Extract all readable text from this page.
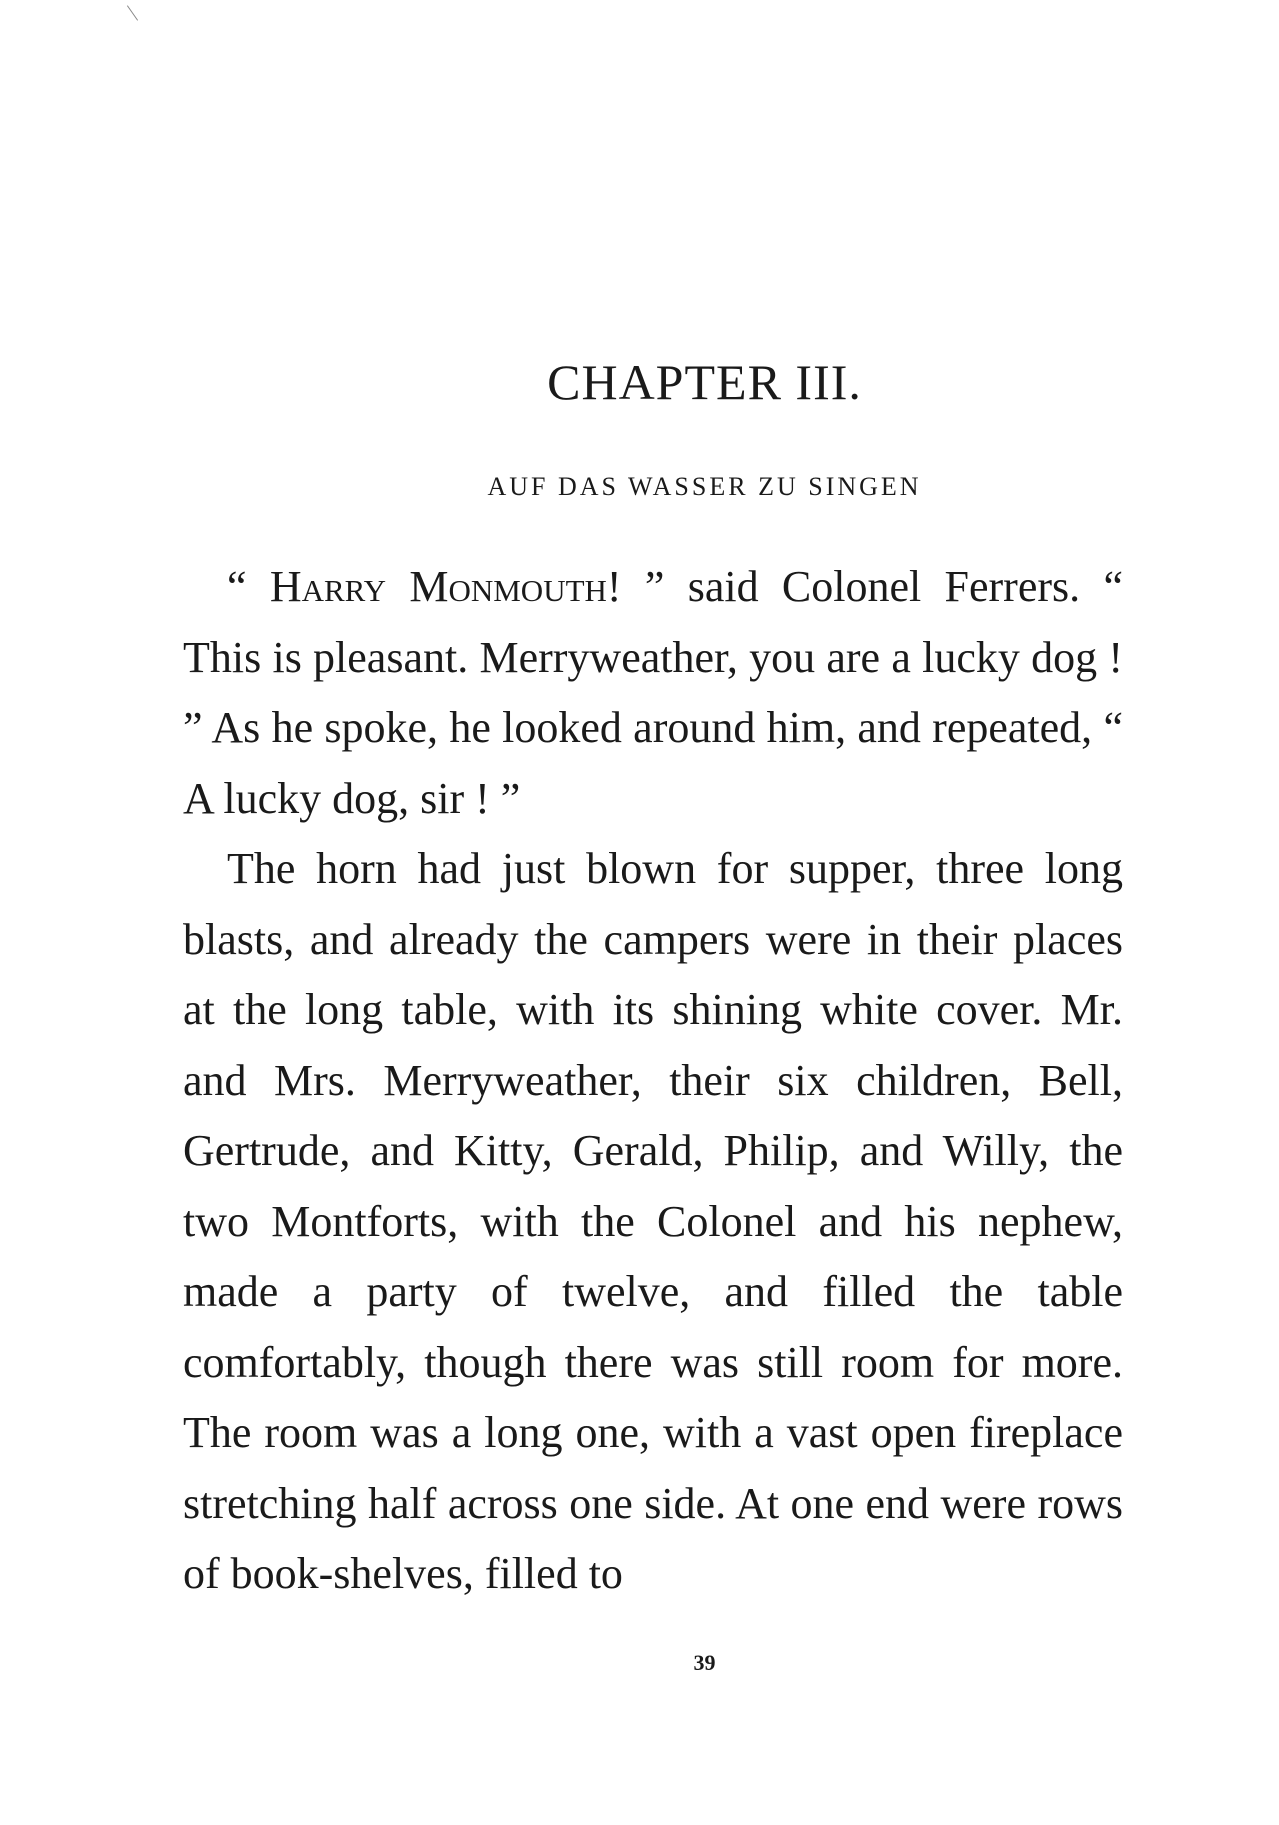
CHAPTER III.
AUF DAS WASSER ZU SINGEN

“ Harry Monmouth! ” said Colonel Ferrers. “ This is pleasant. Merryweather, you are a lucky dog ! ” As he spoke, he looked around him, and repeated, “ A lucky dog, sir ! ”

The horn had just blown for supper, three long blasts, and already the campers were in their places at the long table, with its shining white cover. Mr. and Mrs. Merryweather, their six children, Bell, Gertrude, and Kitty, Gerald, Philip, and Willy, the two Montforts, with the Colonel and his nephew, made a party of twelve, and filled the table comfortably, though there was still room for more. The room was a long one, with a vast open fireplace stretching half across one side. At one end were rows of book-shelves, filled to

39
